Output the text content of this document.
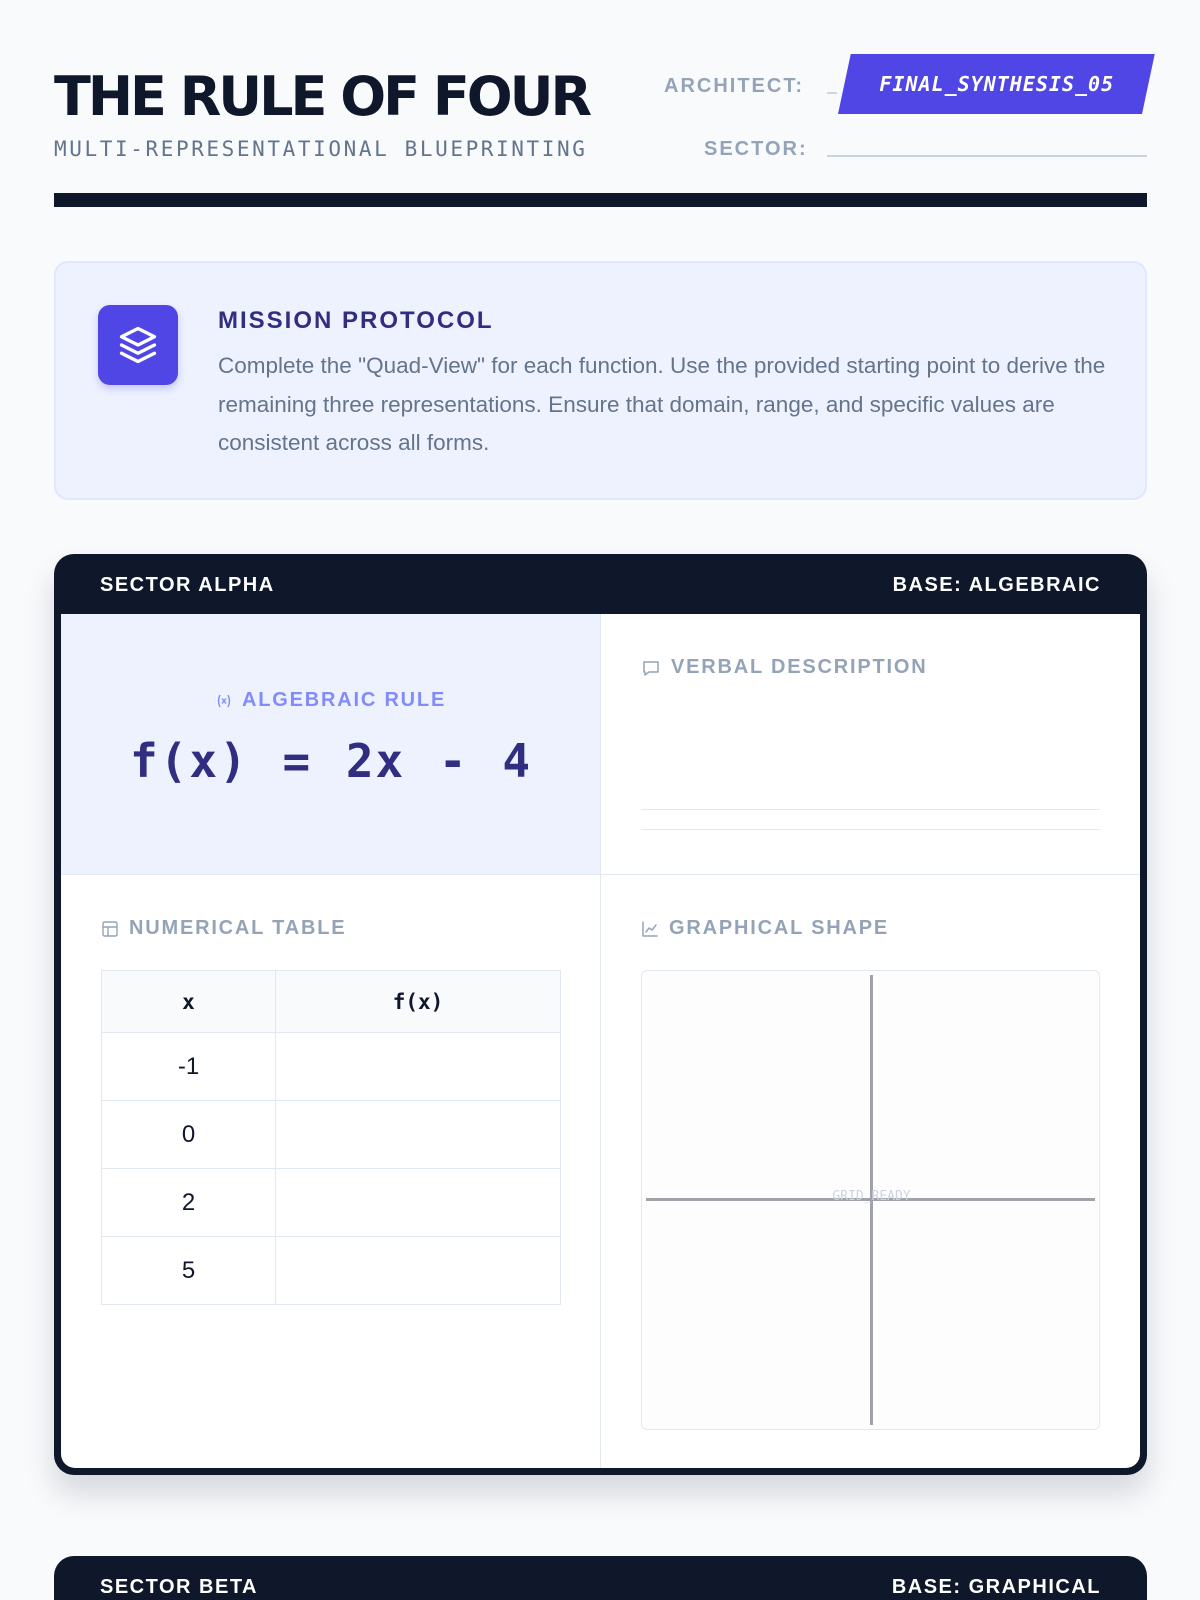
THE RULE OF FOUR
MULTI-REPRESENTATIONAL BLUEPRINTING
ARCHITECT:	FINAL_SYNTHESIS_05
SECTOR:
MISSION PROTOCOL
Complete the "Quad-View" for each function. Use the provided starting point to derive the remaining three representations. Ensure that domain, range, and specific values are consistent across all forms.
SECTOR ALPHA	BASE: ALGEBRAIC
ALGEBRAIC RULE
f(x) = 2x - 4
VERBAL DESCRIPTION
NUMERICAL TABLE
x	f(x)
-1	
0	
2	
5	
GRAPHICAL SHAPE
GRID_READY
SECTOR BETA	BASE: GRAPHICAL
